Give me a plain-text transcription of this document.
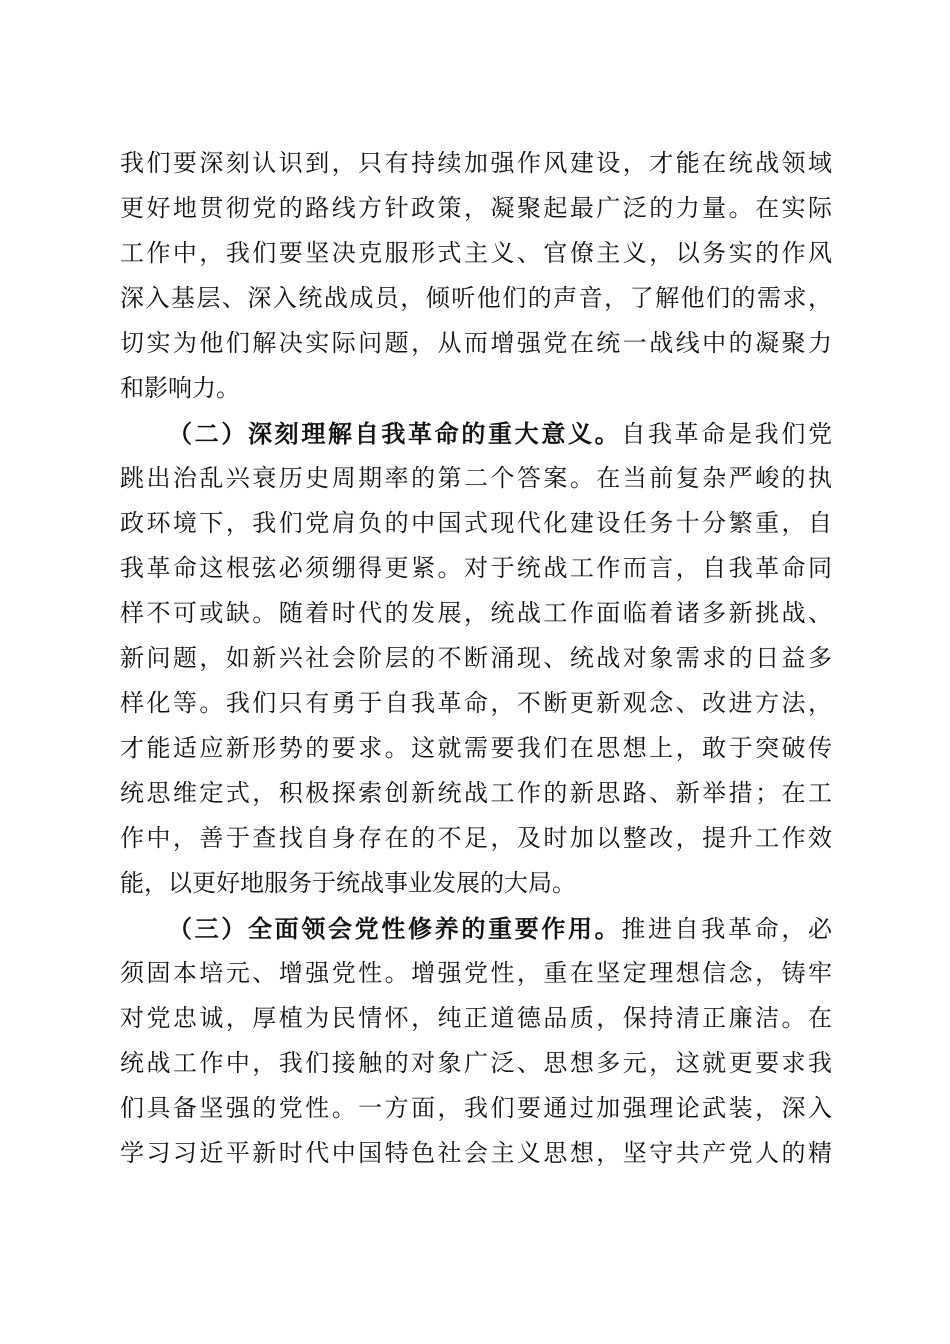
我们要深刻认识到，只有持续加强作风建设，才能在统战领域
更好地贯彻党的路线方针政策，凝聚起最广泛的力量。在实际
工作中，我们要坚决克服形式主义、官僚主义，以务实的作风
深入基层、深入统战成员，倾听他们的声音，了解他们的需求，
切实为他们解决实际问题，从而增强党在统一战线中的凝聚力
和影响力。
（二）深刻理解自我革命的重大意义。自我革命是我们党
跳出治乱兴衰历史周期率的第二个答案。在当前复杂严峻的执
政环境下，我们党肩负的中国式现代化建设任务十分繁重，自
我革命这根弦必须绷得更紧。对于统战工作而言，自我革命同
样不可或缺。随着时代的发展，统战工作面临着诸多新挑战、
新问题，如新兴社会阶层的不断涌现、统战对象需求的日益多
样化等。我们只有勇于自我革命，不断更新观念、改进方法，
才能适应新形势的要求。这就需要我们在思想上，敢于突破传
统思维定式，积极探索创新统战工作的新思路、新举措；在工
作中，善于查找自身存在的不足，及时加以整改，提升工作效
能，以更好地服务于统战事业发展的大局。
（三）全面领会党性修养的重要作用。推进自我革命，必
须固本培元、增强党性。增强党性，重在坚定理想信念，铸牢
对党忠诚，厚植为民情怀，纯正道德品质，保持清正廉洁。在
统战工作中，我们接触的对象广泛、思想多元，这就更要求我
们具备坚强的党性。一方面，我们要通过加强理论武装，深入
学习习近平新时代中国特色社会主义思想，坚守共产党人的精
